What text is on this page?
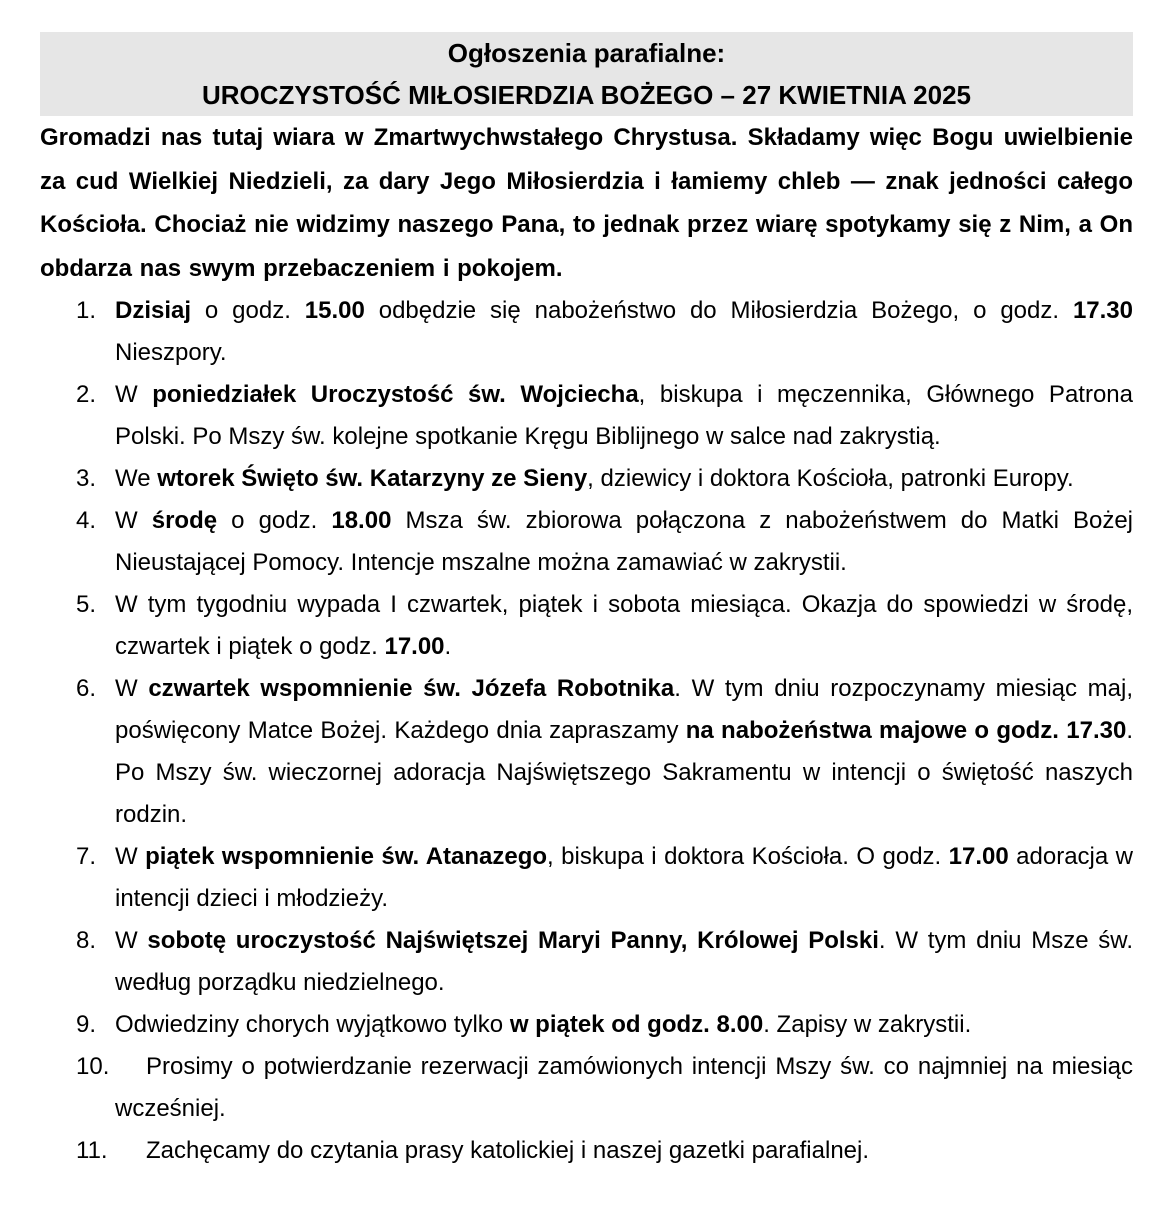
Ogłoszenia parafialne:
UROCZYSTOŚĆ MIŁOSIERDZIA BOŻEGO – 27 KWIETNIA 2025

Gromadzi nas tutaj wiara w Zmartwychwstałego Chrystusa. Składamy więc Bogu uwielbienie za cud Wielkiej Niedzieli, za dary Jego Miłosierdzia i łamiemy chleb — znak jedności całego Kościoła. Chociaż nie widzimy naszego Pana, to jednak przez wiarę spotykamy się z Nim, a On obdarza nas swym przebaczeniem i pokojem.

1. Dzisiaj o godz. 15.00 odbędzie się nabożeństwo do Miłosierdzia Bożego, o godz. 17.30 Nieszpory.
2. W poniedziałek Uroczystość św. Wojciecha, biskupa i męczennika, Głównego Patrona Polski. Po Mszy św. kolejne spotkanie Kręgu Biblijnego w salce nad zakrystią.
3. We wtorek Święto św. Katarzyny ze Sieny, dziewicy i doktora Kościoła, patronki Europy.
4. W środę o godz. 18.00 Msza św. zbiorowa połączona z nabożeństwem do Matki Bożej Nieustającej Pomocy. Intencje mszalne można zamawiać w zakrystii.
5. W tym tygodniu wypada I czwartek, piątek i sobota miesiąca. Okazja do spowiedzi w środę, czwartek i piątek o godz. 17.00.
6. W czwartek wspomnienie św. Józefa Robotnika. W tym dniu rozpoczynamy miesiąc maj, poświęcony Matce Bożej. Każdego dnia zapraszamy na nabożeństwa majowe o godz. 17.30. Po Mszy św. wieczornej adoracja Najświętszego Sakramentu w intencji o świętość naszych rodzin.
7. W piątek wspomnienie św. Atanazego, biskupa i doktora Kościoła. O godz. 17.00 adoracja w intencji dzieci i młodzieży.
8. W sobotę uroczystość Najświętszej Maryi Panny, Królowej Polski. W tym dniu Msze św. według porządku niedzielnego.
9. Odwiedziny chorych wyjątkowo tylko w piątek od godz. 8.00. Zapisy w zakrystii.
10. Prosimy o potwierdzanie rezerwacji zamówionych intencji Mszy św. co najmniej na miesiąc wcześniej.
11. Zachęcamy do czytania prasy katolickiej i naszej gazetki parafialnej.
